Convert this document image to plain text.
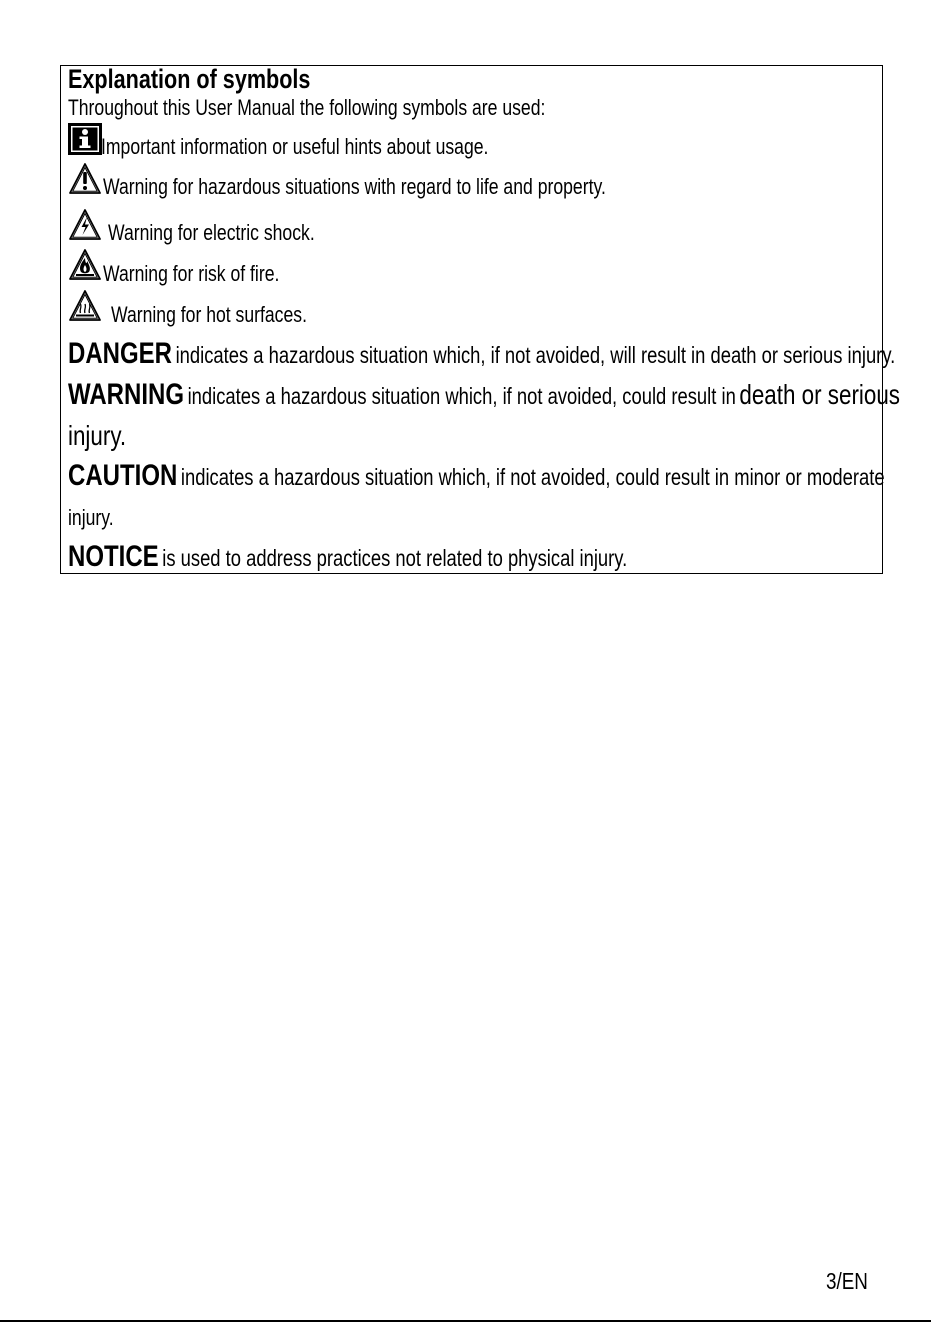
Explanation of symbols
Throughout this User Manual the following symbols are used:
Important information or useful hints about usage.
Warning for hazardous situations with regard to life and property.
Warning for electric shock.
Warning for risk of fire.
Warning for hot surfaces.
DANGER indicates a hazardous situation which, if not avoided, will result in death or serious injury.
WARNING indicates a hazardous situation which, if not avoided, could result in death or serious
injury.
CAUTION indicates a hazardous situation which, if not avoided, could result in minor or moderate
injury.
NOTICE is used to address practices not related to physical injury.
3/EN
